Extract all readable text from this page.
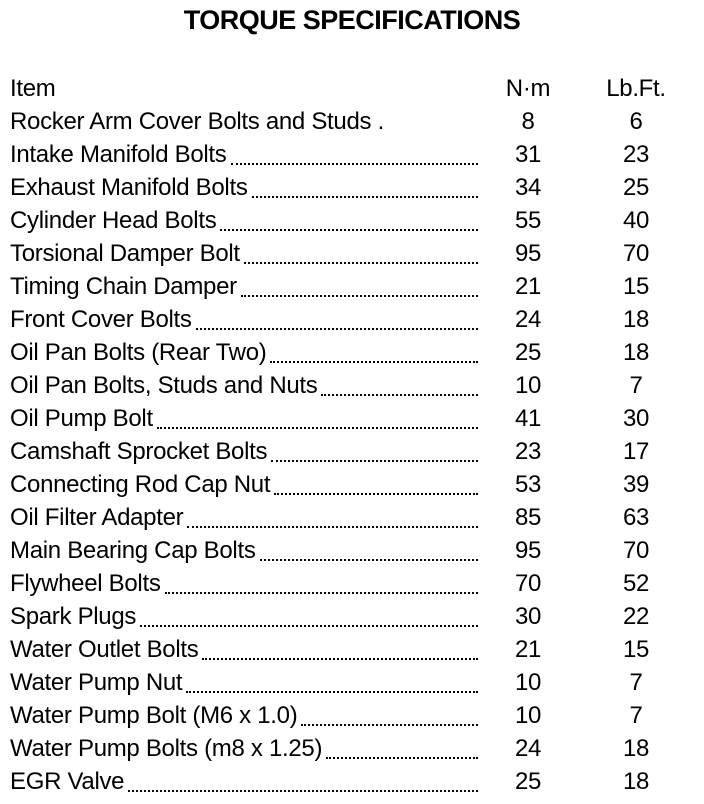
TORQUE SPECIFICATIONS
Item	N·m	Lb.Ft.
Rocker Arm Cover Bolts and Studs .	8	6
Intake Manifold Bolts	31	23
Exhaust Manifold Bolts	34	25
Cylinder Head Bolts	55	40
Torsional Damper Bolt	95	70
Timing Chain Damper	21	15
Front Cover Bolts	24	18
Oil Pan Bolts (Rear Two)	25	18
Oil Pan Bolts, Studs and Nuts	10	7
Oil Pump Bolt	41	30
Camshaft Sprocket Bolts	23	17
Connecting Rod Cap Nut	53	39
Oil Filter Adapter	85	63
Main Bearing Cap Bolts	95	70
Flywheel Bolts	70	52
Spark Plugs	30	22
Water Outlet Bolts	21	15
Water Pump Nut	10	7
Water Pump Bolt (M6 x 1.0)	10	7
Water Pump Bolts (m8 x 1.25)	24	18
EGR Valve	25	18
